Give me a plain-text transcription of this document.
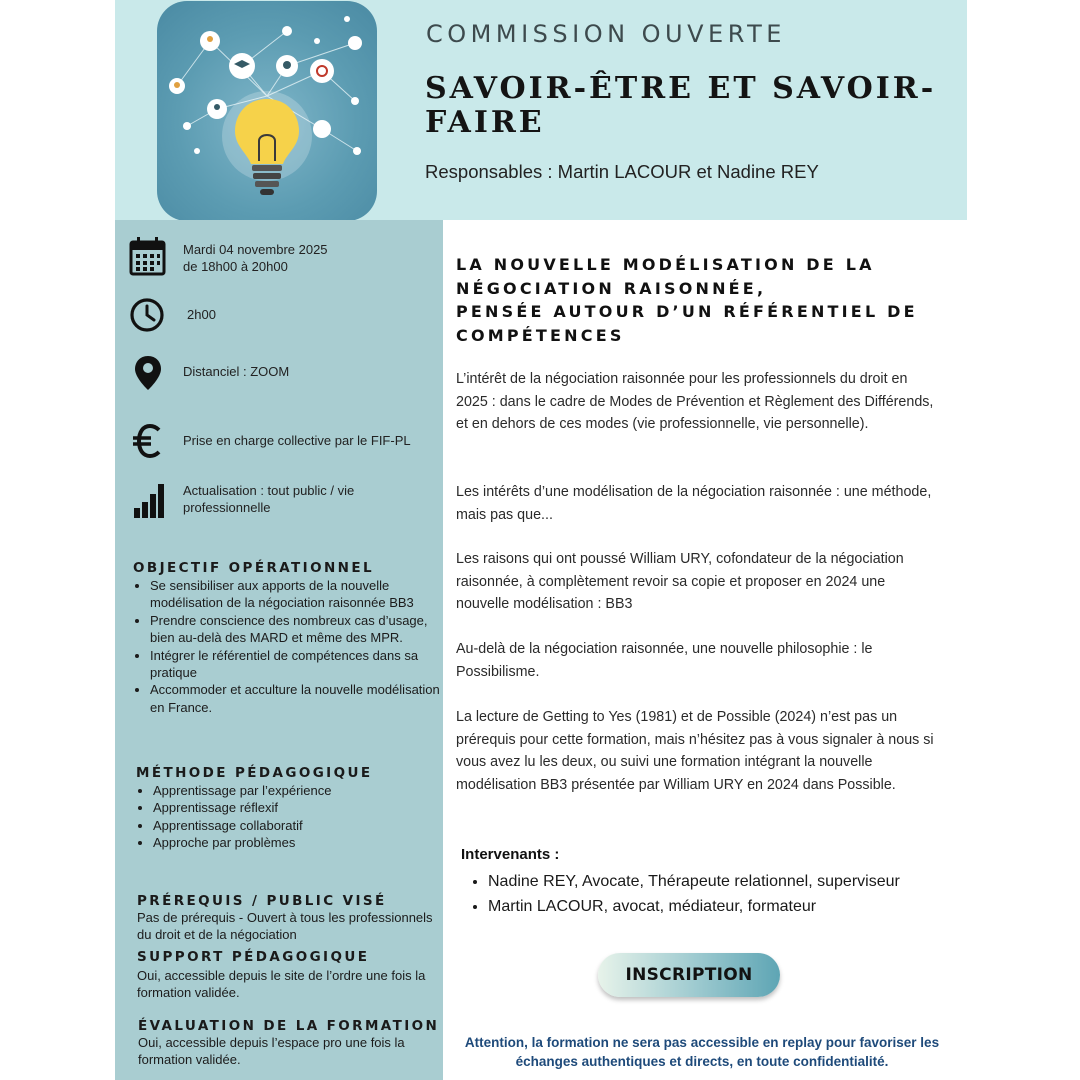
COMMISSION OUVERTE
SAVOIR-ÊTRE ET SAVOIR-FAIRE
Responsables : Martin LACOUR et Nadine REY
Mardi 04 novembre 2025
de 18h00 à 20h00
2h00
Distanciel : ZOOM
Prise en charge collective par le FIF-PL
Actualisation : tout public / vie
professionnelle
OBJECTIF OPÉRATIONNEL
• Se sensibiliser aux apports de la nouvelle modélisation de la négociation raisonnée BB3
• Prendre conscience des nombreux cas d’usage, bien au-delà des MARD et même des MPR.
• Intégrer le référentiel de compétences dans sa pratique
• Accommoder et acculture la nouvelle modélisation en France.
MÉTHODE PÉDAGOGIQUE
• Apprentissage par l’expérience
• Apprentissage réflexif
• Apprentissage collaboratif
• Approche par problèmes
PRÉREQUIS / PUBLIC VISÉ
Pas de prérequis - Ouvert à tous les professionnels du droit et de la négociation
SUPPORT PÉDAGOGIQUE
Oui, accessible depuis le site de l’ordre une fois la formation validée.
ÉVALUATION DE LA FORMATION
Oui, accessible depuis l’espace pro une fois la formation validée.
LA NOUVELLE MODÉLISATION DE LA NÉGOCIATION RAISONNÉE,
PENSÉE AUTOUR D’UN RÉFÉRENTIEL DE COMPÉTENCES

L’intérêt de la négociation raisonnée pour les professionnels du droit en 2025 : dans le cadre de Modes de Prévention et Règlement des Différends, et en dehors de ces modes (vie professionnelle, vie personnelle).

Les intérêts d’une modélisation de la négociation raisonnée : une méthode, mais pas que...

Les raisons qui ont poussé William URY, cofondateur de la négociation raisonnée, à complètement revoir sa copie et proposer en 2024 une nouvelle modélisation : BB3

Au-delà de la négociation raisonnée, une nouvelle philosophie : le Possibilisme.

La lecture de Getting to Yes (1981) et de Possible (2024) n’est pas un prérequis pour cette formation, mais n’hésitez pas à vous signaler à nous si vous avez lu les deux, ou suivi une formation intégrant la nouvelle modélisation BB3 présentée par William URY en 2024 dans Possible.

Intervenants :
• Nadine REY, Avocate, Thérapeute relationnel, superviseur
• Martin LACOUR, avocat, médiateur, formateur
INSCRIPTION
Attention, la formation ne sera pas accessible en replay pour favoriser les échanges authentiques et directs, en toute confidentialité.
